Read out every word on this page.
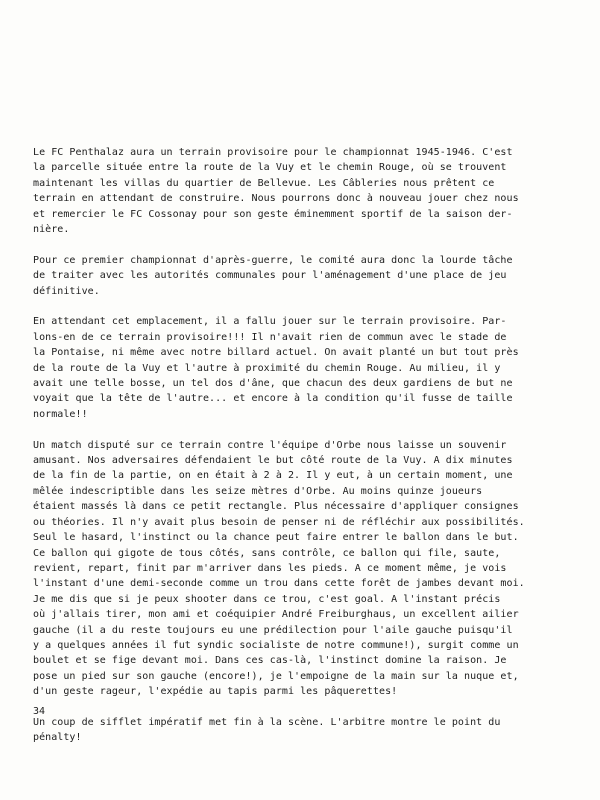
Le FC Penthalaz aura un terrain provisoire pour le championnat 1945-1946. C'est
la parcelle située entre la route de la Vuy et le chemin Rouge, où se trouvent
maintenant les villas du quartier de Bellevue. Les Câbleries nous prêtent ce
terrain en attendant de construire. Nous pourrons donc à nouveau jouer chez nous
et remercier le FC Cossonay pour son geste éminemment sportif de la saison der-
nière.
Pour ce premier championnat d'après-guerre, le comité aura donc la lourde tâche
de traiter avec les autorités communales pour l'aménagement d'une place de jeu
définitive.
En attendant cet emplacement, il a fallu jouer sur le terrain provisoire. Par-
lons-en de ce terrain provisoire!!! Il n'avait rien de commun avec le stade de
la Pontaise, ni même avec notre billard actuel. On avait planté un but tout près
de la route de la Vuy et l'autre à proximité du chemin Rouge. Au milieu, il y
avait une telle bosse, un tel dos d'âne, que chacun des deux gardiens de but ne
voyait que la tête de l'autre... et encore à la condition qu'il fusse de taille
normale!!
Un match disputé sur ce terrain contre l'équipe d'Orbe nous laisse un souvenir
amusant. Nos adversaires défendaient le but côté route de la Vuy. A dix minutes
de la fin de la partie, on en était à 2 à 2. Il y eut, à un certain moment, une
mêlée indescriptible dans les seize mètres d'Orbe. Au moins quinze joueurs
étaient massés là dans ce petit rectangle. Plus nécessaire d'appliquer consignes
ou théories. Il n'y avait plus besoin de penser ni de réfléchir aux possibilités.
Seul le hasard, l'instinct ou la chance peut faire entrer le ballon dans le but.
Ce ballon qui gigote de tous côtés, sans contrôle, ce ballon qui file, saute,
revient, repart, finit par m'arriver dans les pieds. A ce moment même, je vois
l'instant d'une demi-seconde comme un trou dans cette forêt de jambes devant moi.
Je me dis que si je peux shooter dans ce trou, c'est goal. A l'instant précis
où j'allais tirer, mon ami et coéquipier André Freiburghaus, un excellent ailier
gauche (il a du reste toujours eu une prédilection pour l'aile gauche puisqu'il
y a quelques années il fut syndic socialiste de notre commune!), surgit comme un
boulet et se fige devant moi. Dans ces cas-là, l'instinct domine la raison. Je
pose un pied sur son gauche (encore!), je l'empoigne de la main sur la nuque et,
d'un geste rageur, l'expédie au tapis parmi les pâquerettes!
Un coup de sifflet impératif met fin à la scène. L'arbitre montre le point du
pénalty!
34
